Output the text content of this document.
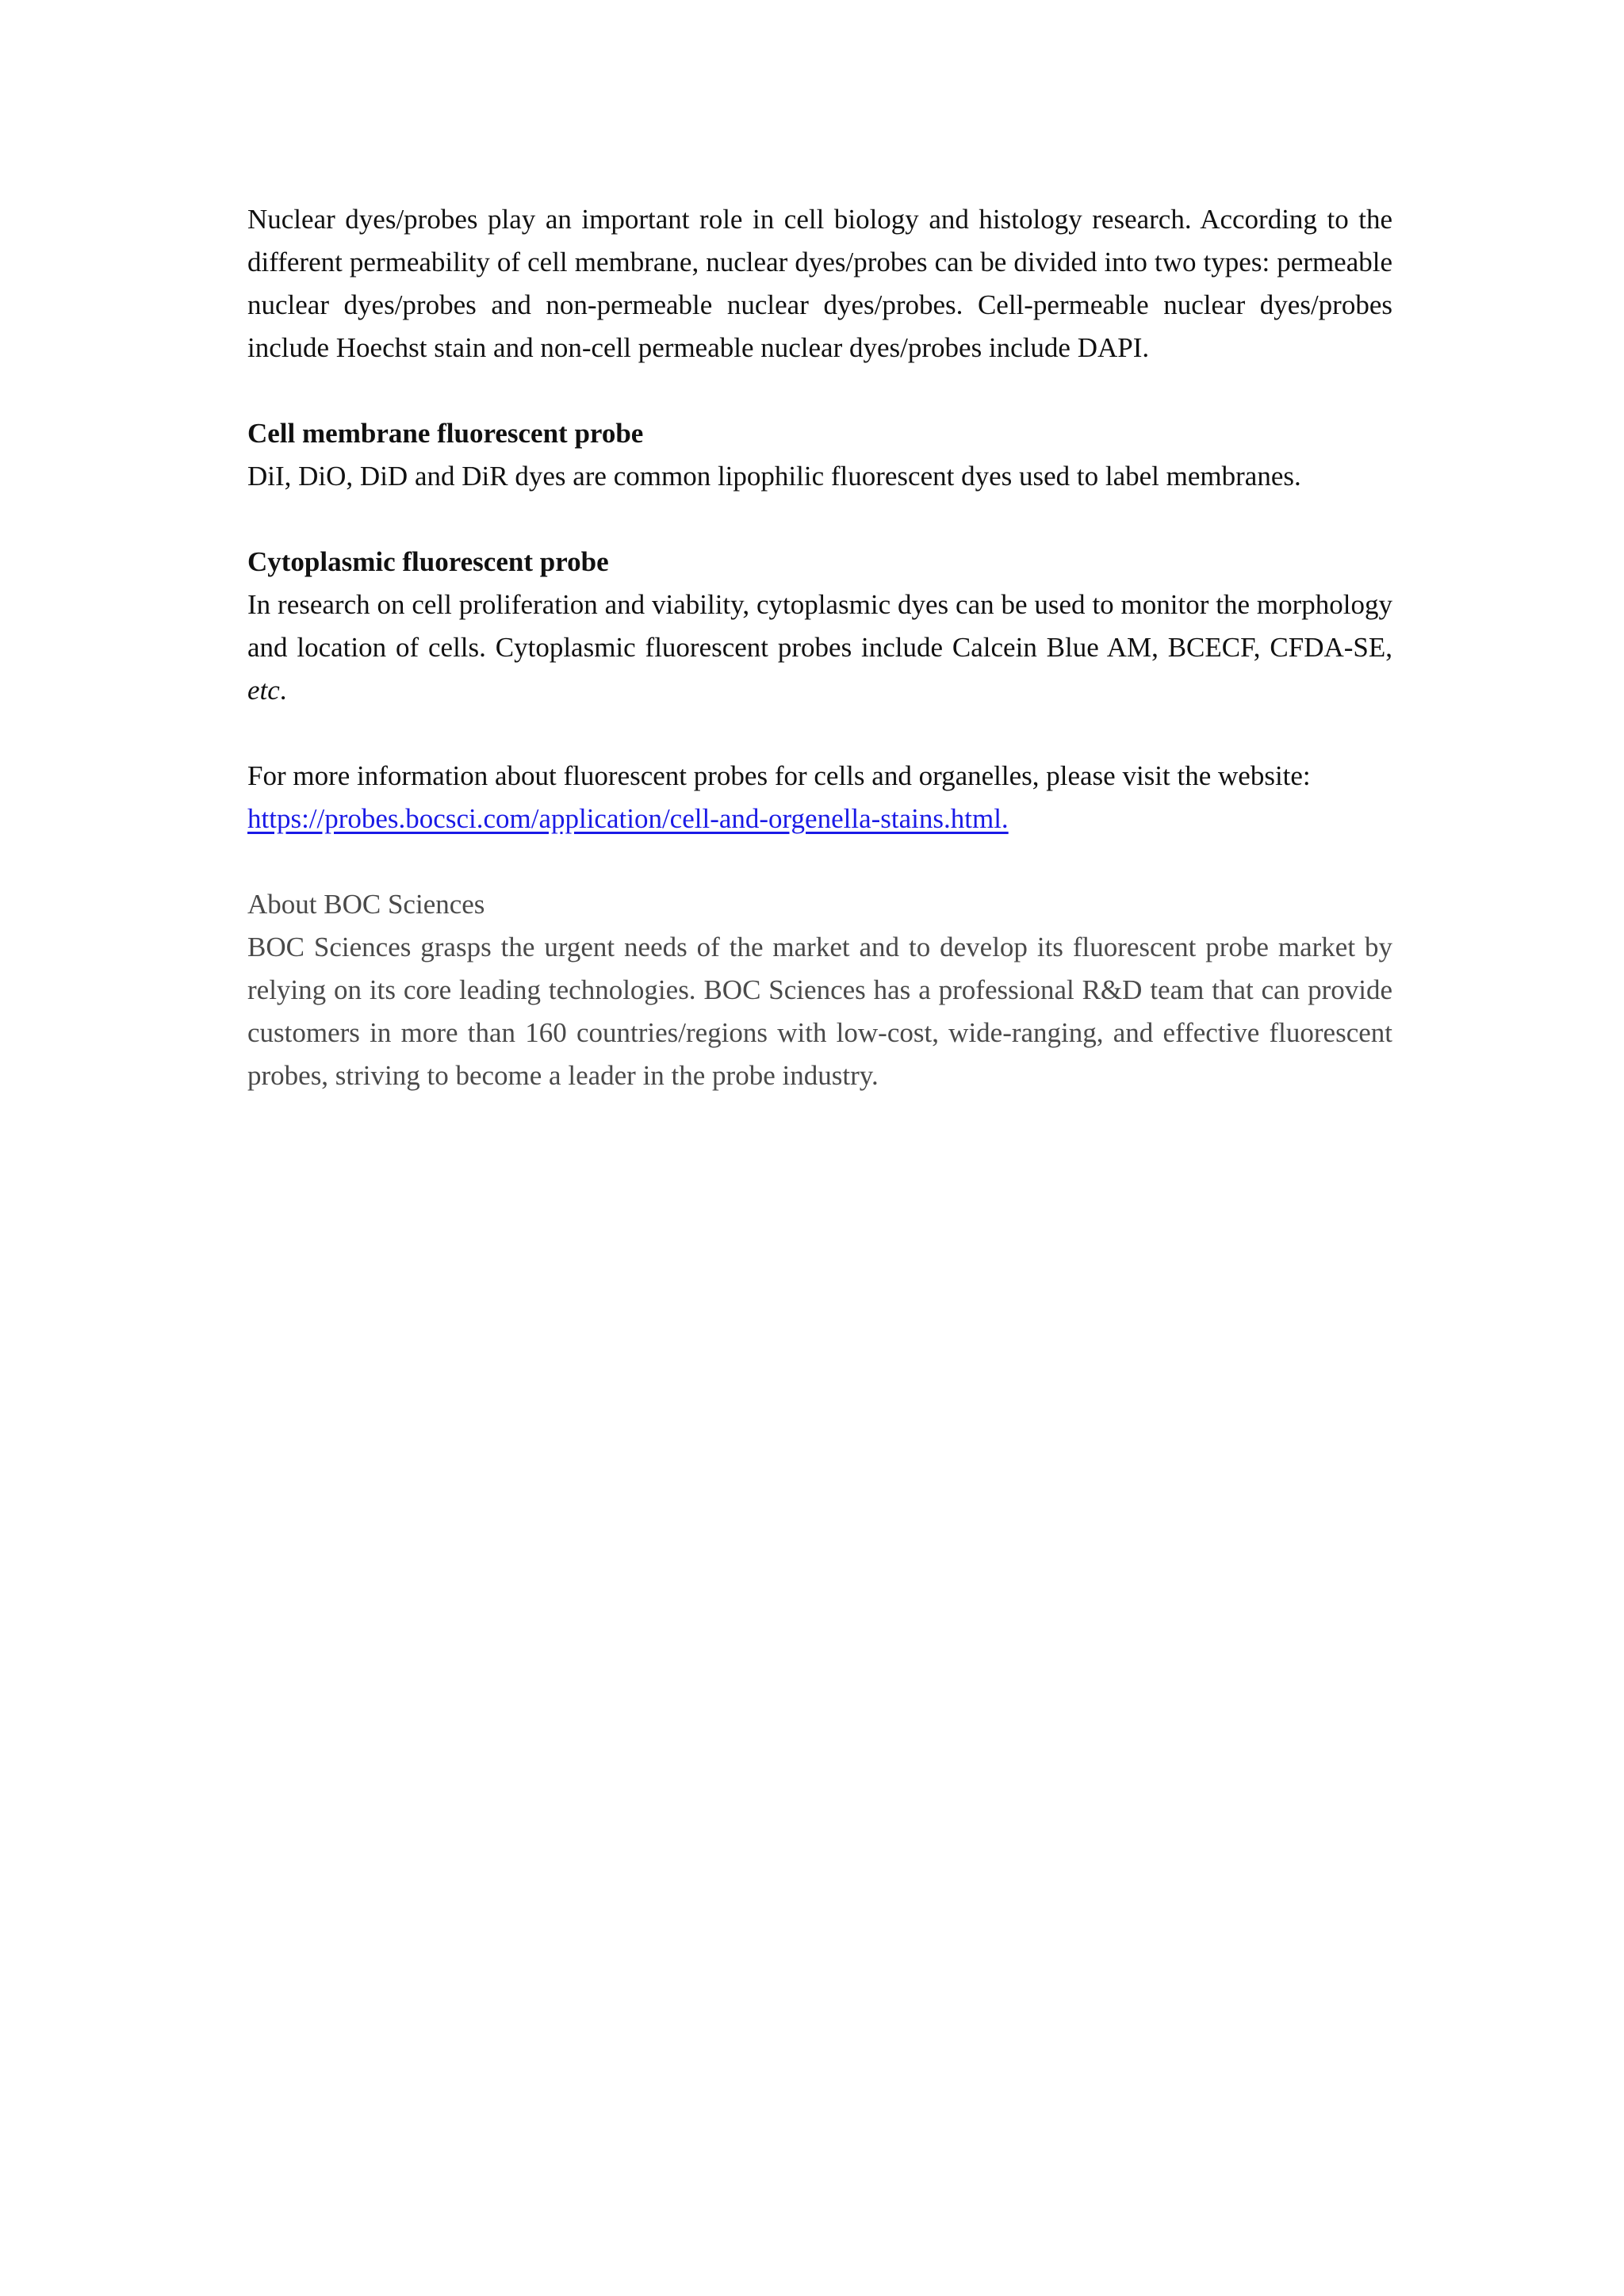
Nuclear dyes/probes play an important role in cell biology and histology research. According to the different permeability of cell membrane, nuclear dyes/probes can be divided into two types: permeable nuclear dyes/probes and non-permeable nuclear dyes/probes. Cell-permeable nuclear dyes/probes include Hoechst stain and non-cell permeable nuclear dyes/probes include DAPI.

Cell membrane fluorescent probe

DiI, DiO, DiD and DiR dyes are common lipophilic fluorescent dyes used to label membranes.

Cytoplasmic fluorescent probe

In research on cell proliferation and viability, cytoplasmic dyes can be used to monitor the morphology and location of cells. Cytoplasmic fluorescent probes include Calcein Blue AM, BCECF, CFDA-SE, etc.

For more information about fluorescent probes for cells and organelles, please visit the website:

https://probes.bocsci.com/application/cell-and-orgenella-stains.html.

About BOC Sciences

BOC Sciences grasps the urgent needs of the market and to develop its fluorescent probe market by relying on its core leading technologies. BOC Sciences has a professional R&D team that can provide customers in more than 160 countries/regions with low-cost, wide-ranging, and effective fluorescent probes, striving to become a leader in the probe industry.
